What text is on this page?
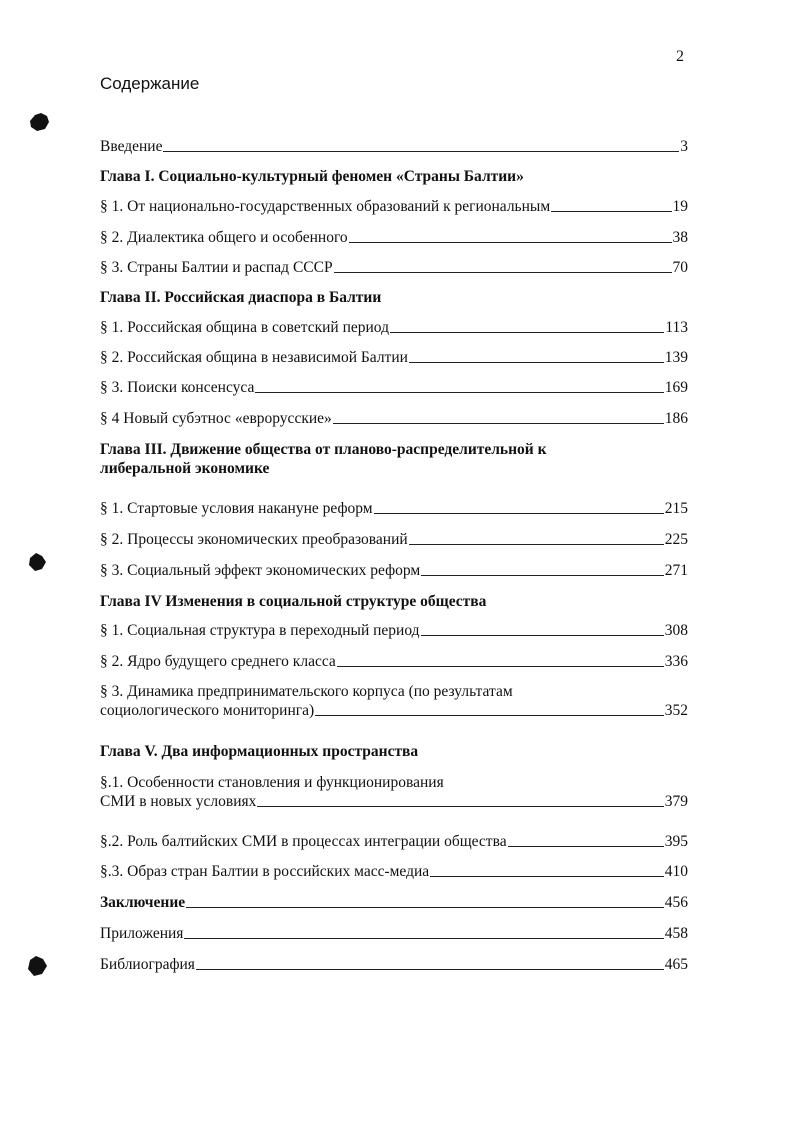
2
Содержание
Введение	3
Глава I. Социально-культурный феномен «Страны Балтии»
§ 1. От национально-государственных образований к региональным	19
§ 2. Диалектика общего и особенного	38
§ 3. Страны Балтии и распад СССР	70
Глава II. Российская диаспора в Балтии
§ 1. Российская община в советский период	113
§ 2. Российская община в независимой Балтии	139
§ 3. Поиски консенсуса	169
§ 4 Новый субэтнос «еврорусские»	186
Глава III. Движение общества от планово-распределительной к
либеральной экономике
§ 1. Стартовые условия накануне реформ	215
§ 2. Процессы экономических преобразований	225
§ 3. Социальный эффект экономических реформ	271
Глава IV Изменения в социальной структуре общества
§ 1. Социальная структура в переходный период	308
§ 2. Ядро будущего среднего класса	336
§ 3. Динамика предпринимательского корпуса (по результатам
социологического мониторинга)	352
Глава V. Два информационных пространства
§.1. Особенности становления и функционирования
СМИ в новых условиях	379
§.2. Роль балтийских СМИ в процессах интеграции общества	395
§.3. Образ стран Балтии в российских масс-медиа	410
Заключение	456
Приложения	458
Библиография	465
